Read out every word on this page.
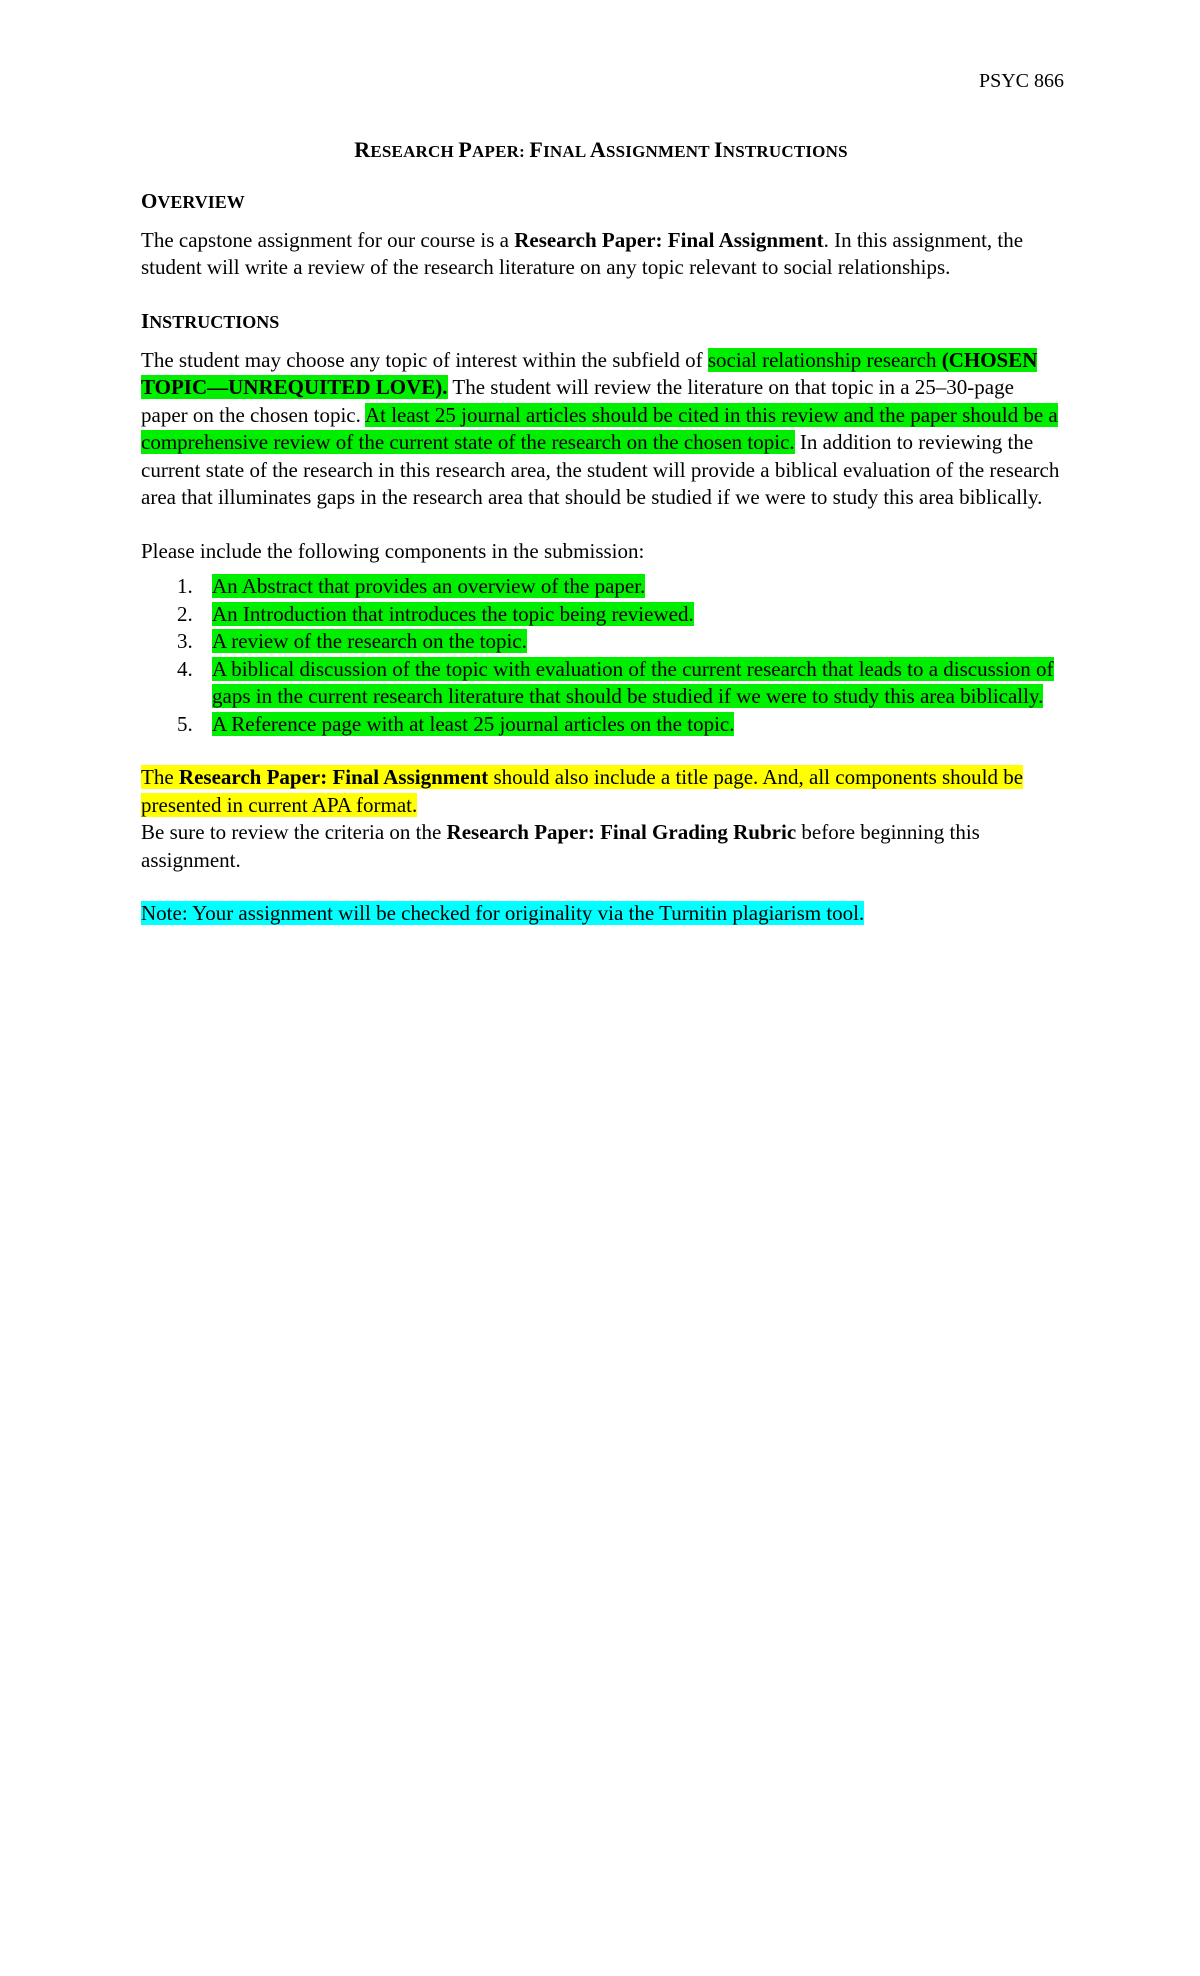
PSYC 866
RESEARCH PAPER: FINAL ASSIGNMENT INSTRUCTIONS
OVERVIEW

The capstone assignment for our course is a Research Paper: Final Assignment. In this assignment, the student will write a review of the research literature on any topic relevant to social relationships.

INSTRUCTIONS

The student may choose any topic of interest within the subfield of social relationship research (CHOSEN TOPIC—UNREQUITED LOVE). The student will review the literature on that topic in a 25–30-page paper on the chosen topic. At least 25 journal articles should be cited in this review and the paper should be a comprehensive review of the current state of the research on the chosen topic. In addition to reviewing the current state of the research in this research area, the student will provide a biblical evaluation of the research area that illuminates gaps in the research area that should be studied if we were to study this area biblically.

Please include the following components in the submission:

1. An Abstract that provides an overview of the paper.
2. An Introduction that introduces the topic being reviewed.
3. A review of the research on the topic.
4. A biblical discussion of the topic with evaluation of the current research that leads to a discussion of gaps in the current research literature that should be studied if we were to study this area biblically.
5. A Reference page with at least 25 journal articles on the topic.

The Research Paper: Final Assignment should also include a title page. And, all components should be presented in current APA format.

Be sure to review the criteria on the Research Paper: Final Grading Rubric before beginning this assignment.

Note: Your assignment will be checked for originality via the Turnitin plagiarism tool.
